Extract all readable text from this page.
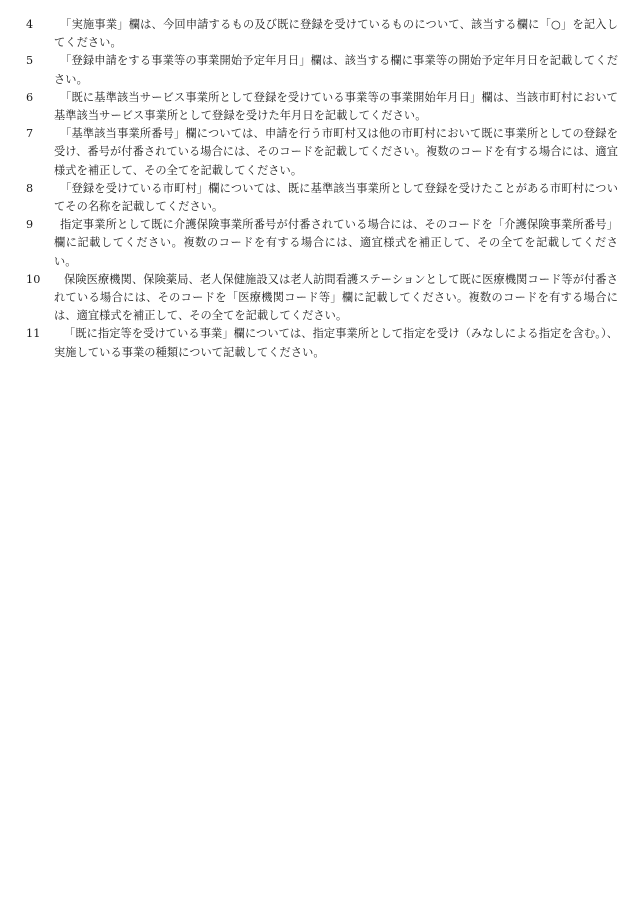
4 「実施事業」欄は、今回申請するもの及び既に登録を受けているものについて、該当する欄に「○」を記入してください。
5 「登録申請をする事業等の事業開始予定年月日」欄は、該当する欄に事業等の開始予定年月日を記載してください。
6 「既に基準該当サービス事業所として登録を受けている事業等の事業開始年月日」欄は、当該市町村において基準該当サービス事業所として登録を受けた年月日を記載してください。
7 「基準該当事業所番号」欄については、申請を行う市町村又は他の市町村において既に事業所としての登録を受け、番号が付番されている場合には、そのコードを記載してください。複数のコードを有する場合には、適宜様式を補正して、その全てを記載してください。
8 「登録を受けている市町村」欄については、既に基準該当事業所として登録を受けたことがある市町村についてその名称を記載してください。
9 指定事業所として既に介護保険事業所番号が付番されている場合には、そのコードを「介護保険事業所番号」欄に記載してください。複数のコードを有する場合には、適宜様式を補正して、その全てを記載してください。
10 保険医療機関、保険薬局、老人保健施設又は老人訪問看護ステーションとして既に医療機関コード等が付番されている場合には、そのコードを「医療機関コード等」欄に記載してください。複数のコードを有する場合には、適宜様式を補正して、その全てを記載してください。
11 「既に指定等を受けている事業」欄については、指定事業所として指定を受け（みなしによる指定を含む。）、実施している事業の種類について記載してください。
